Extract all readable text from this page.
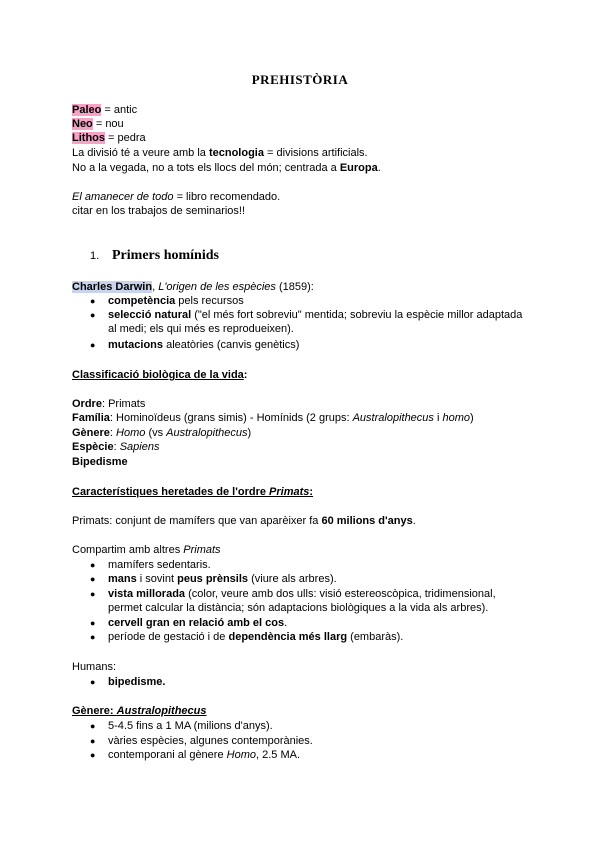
PREHISTÒRIA
Paleo = antic
Neo = nou
Lithos = pedra
La divisió té a veure amb la tecnologia = divisions artificials.
No a la vegada, no a tots els llocs del món; centrada a Europa.
El amanecer de todo = libro recomendado.
citar en los trabajos de seminarios!!
1. Primers homínids
Charles Darwin, L'origen de les espècies (1859):
● competència pels recursos
● selecció natural ("el més fort sobreviu" mentida; sobreviu la espècie millor adaptada
al medi; els qui més es reprodueixen).
● mutacions aleatòries (canvis genètics)
Classificació biològica de la vida:
Ordre: Primats
Família: Hominoïdeus (grans simis) - Homínids (2 grups: Australopithecus i homo)
Gènere: Homo (vs Australopithecus)
Espècie: Sapiens
Bipedisme
Característiques heretades de l'ordre Primats:
Primats: conjunt de mamífers que van aparèixer fa 60 milions d'anys.
Compartim amb altres Primats
● mamífers sedentaris.
● mans i sovint peus prènsils (viure als arbres).
● vista millorada (color, veure amb dos ulls: visió estereoscòpica, tridimensional,
permet calcular la distància; són adaptacions biològiques a la vida als arbres).
● cervell gran en relació amb el cos.
● període de gestació i de dependència més llarg (embaràs).
Humans:
● bipedisme.
Gènere: Australopithecus
● 5-4.5 fins a 1 MA (milions d'anys).
● vàries espècies, algunes contemporànies.
● contemporani al gènere Homo, 2.5 MA.
